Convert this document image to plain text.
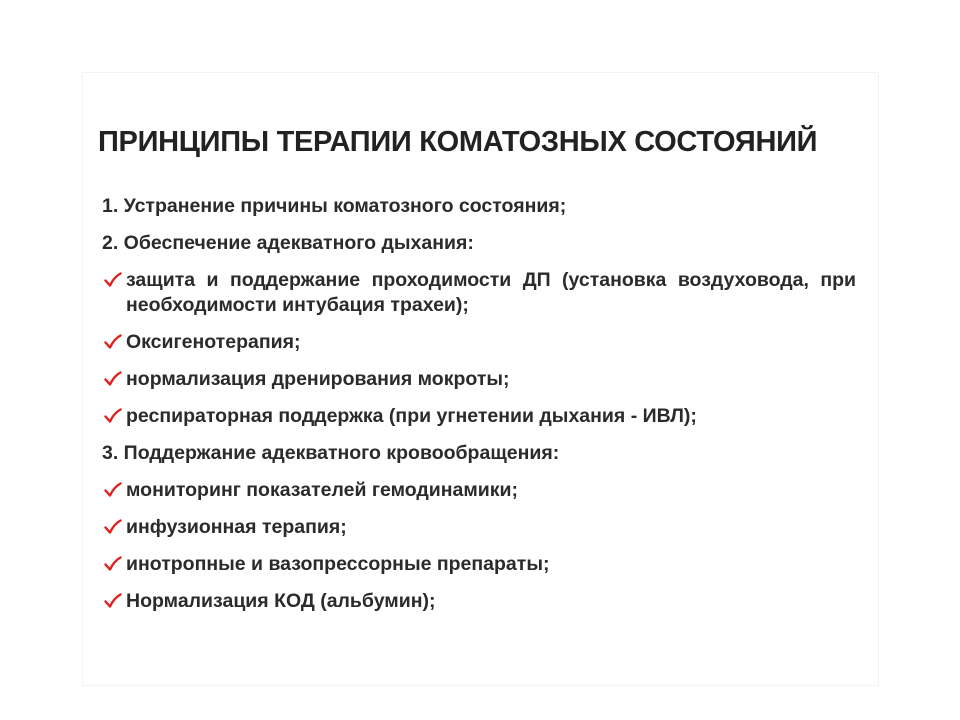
ПРИНЦИПЫ ТЕРАПИИ КОМАТОЗНЫХ СОСТОЯНИЙ
1. Устранение причины коматозного состояния;
2. Обеспечение адекватного дыхания:
защита и поддержание проходимости ДП (установка воздуховода, при необходимости интубация трахеи);
Оксигенотерапия;
нормализация дренирования мокроты;
респираторная поддержка (при угнетении дыхания - ИВЛ);
3. Поддержание адекватного кровообращения:
мониторинг показателей гемодинамики;
инфузионная терапия;
инотропные и вазопрессорные препараты;
Нормализация КОД (альбумин);
